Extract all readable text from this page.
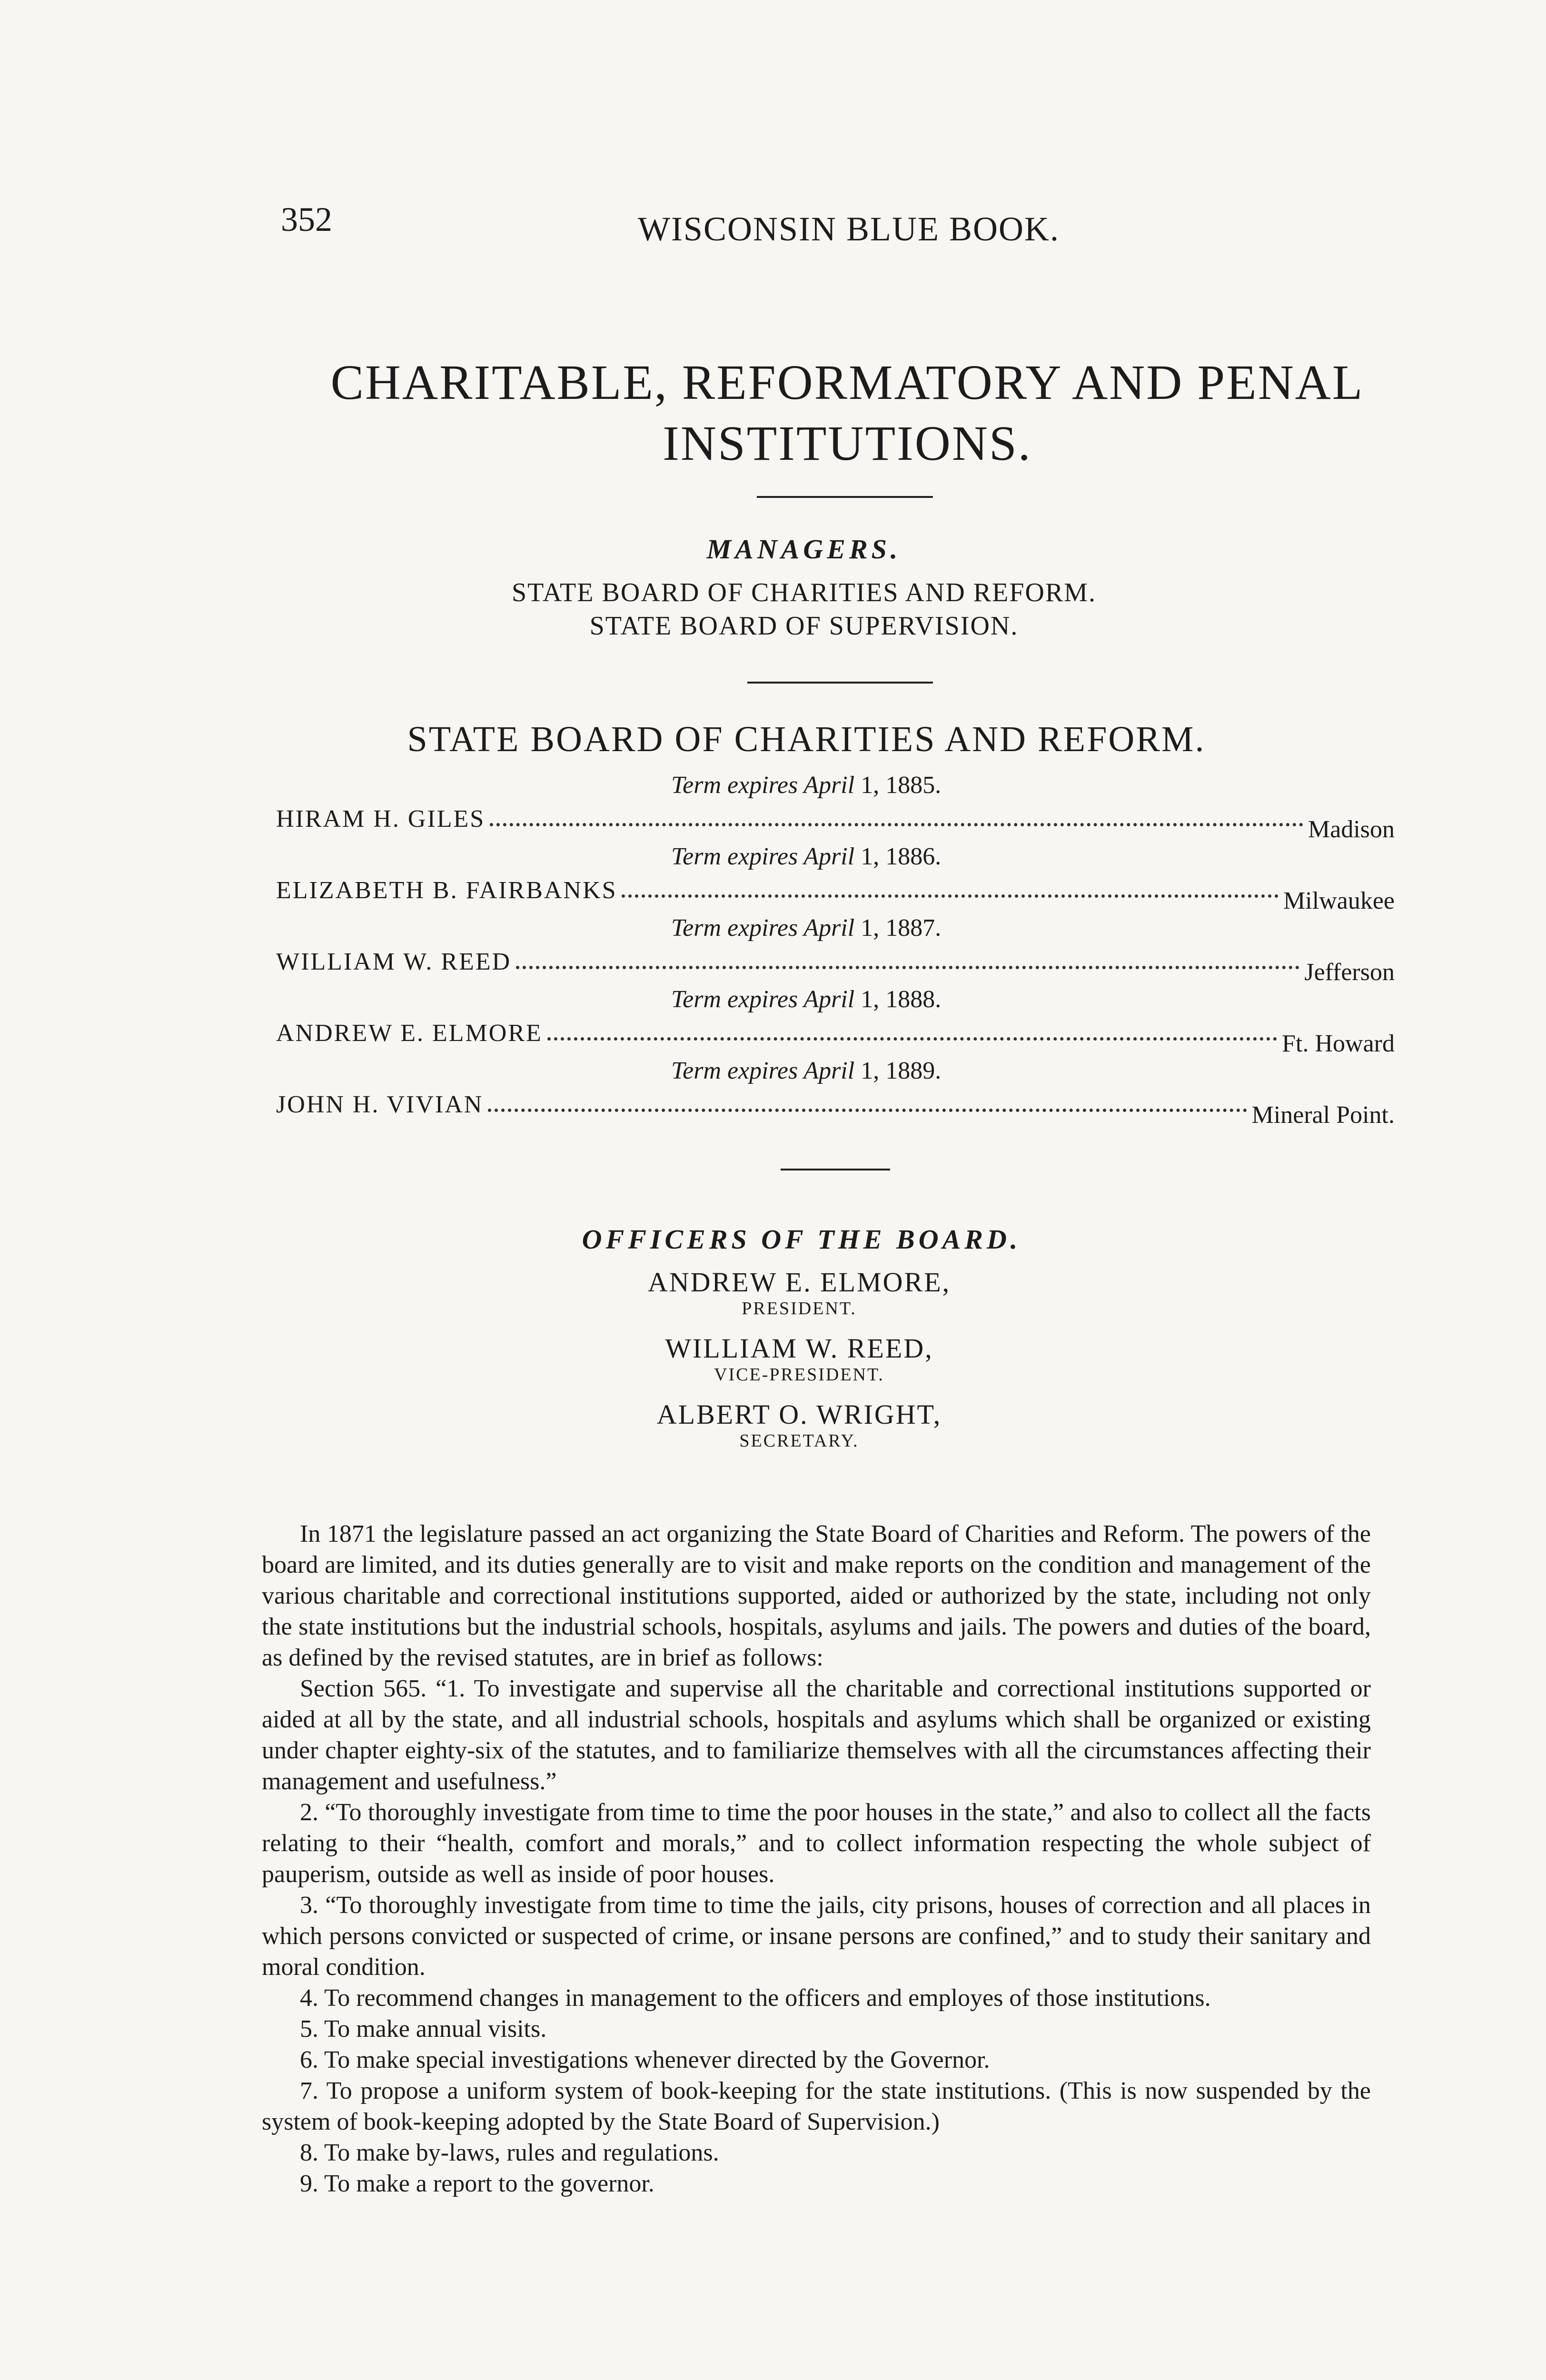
352	WISCONSIN BLUE BOOK.
CHARITABLE, REFORMATORY AND PENAL INSTITUTIONS.
MANAGERS.
STATE BOARD OF CHARITIES AND REFORM.
STATE BOARD OF SUPERVISION.
STATE BOARD OF CHARITIES AND REFORM.
Term expires April 1, 1885.
HIRAM H. GILES	Madison
Term expires April 1, 1886.
ELIZABETH B. FAIRBANKS	Milwaukee
Term expires April 1, 1887.
WILLIAM W. REED	Jefferson
Term expires April 1, 1888.
ANDREW E. ELMORE	Ft. Howard
Term expires April 1, 1889.
JOHN H. VIVIAN	Mineral Point.
OFFICERS OF THE BOARD.
ANDREW E. ELMORE,
PRESIDENT.
WILLIAM W. REED,
VICE-PRESIDENT.
ALBERT O. WRIGHT,
SECRETARY.

In 1871 the legislature passed an act organizing the State Board of Charities and Reform. The powers of the board are limited, and its duties generally are to visit and make reports on the condition and management of the various charitable and correctional institutions supported, aided or authorized by the state, including not only the state institutions but the industrial schools, hospitals, asylums and jails. The powers and duties of the board, as defined by the revised statutes, are in brief as follows:

Section 565. “1. To investigate and supervise all the charitable and correctional institutions supported or aided at all by the state, and all industrial schools, hospitals and asylums which shall be organized or existing under chapter eighty-six of the statutes, and to familiarize themselves with all the circumstances affecting their management and usefulness.”

2. “To thoroughly investigate from time to time the poor houses in the state,” and also to collect all the facts relating to their “health, comfort and morals,” and to collect information respecting the whole subject of pauperism, outside as well as inside of poor houses.

3. “To thoroughly investigate from time to time the jails, city prisons, houses of correction and all places in which persons convicted or suspected of crime, or insane persons are confined,” and to study their sanitary and moral condition.

4. To recommend changes in management to the officers and employes of those institutions.

5. To make annual visits.

6. To make special investigations whenever directed by the Governor.

7. To propose a uniform system of book-keeping for the state institutions. (This is now suspended by the system of book-keeping adopted by the State Board of Supervision.)

8. To make by-laws, rules and regulations.

9. To make a report to the governor.
